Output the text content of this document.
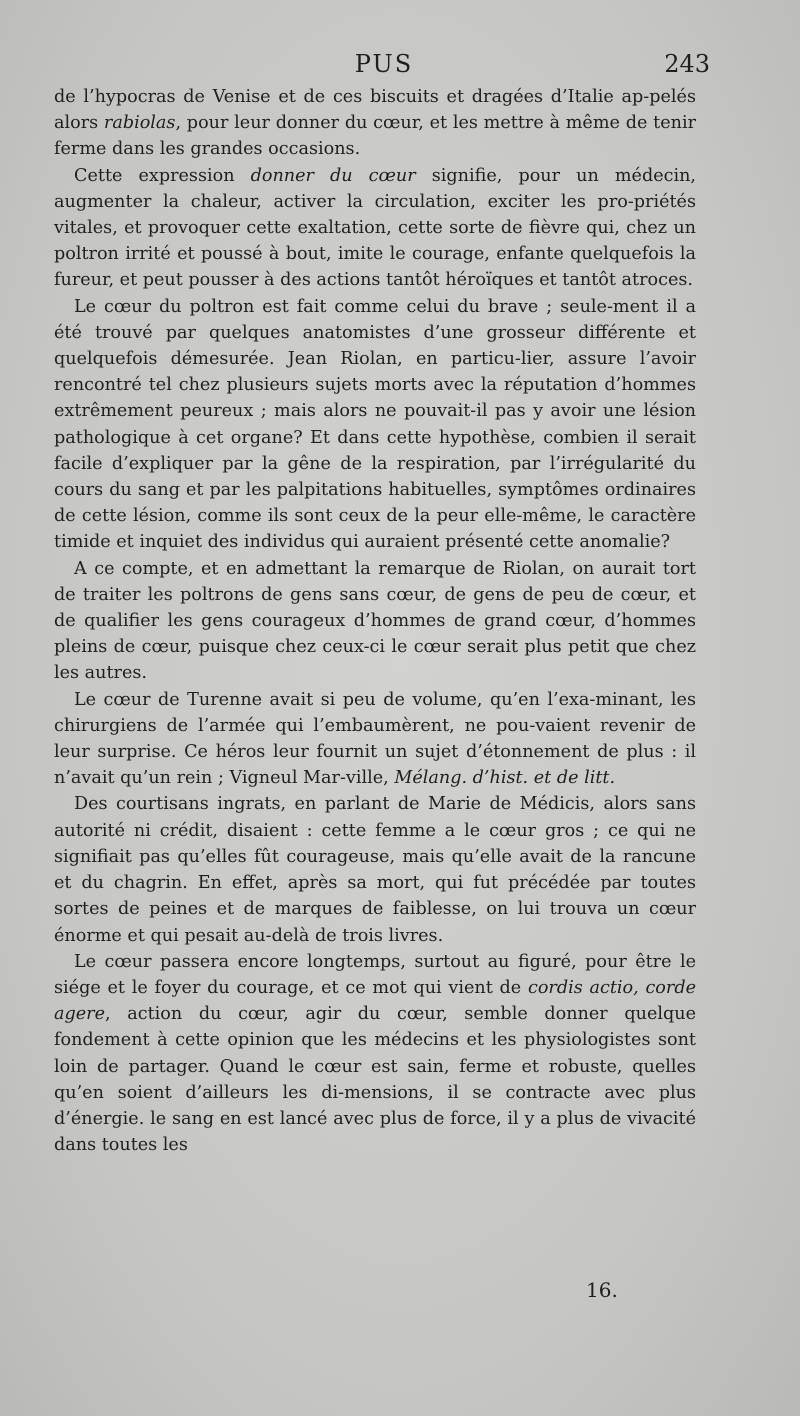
PUS	243

de l’hypocras de Venise et de ces biscuits et dragées d’Italie ap-pelés alors rabiolas, pour leur donner du cœur, et les mettre à même de tenir ferme dans les grandes occasions.

Cette expression donner du cœur signifie, pour un médecin, augmenter la chaleur, activer la circulation, exciter les pro-priétés vitales, et provoquer cette exaltation, cette sorte de fièvre qui, chez un poltron irrité et poussé à bout, imite le courage, enfante quelquefois la fureur, et peut pousser à des actions tantôt héroïques et tantôt atroces.

Le cœur du poltron est fait comme celui du brave ; seule-ment il a été trouvé par quelques anatomistes d’une grosseur différente et quelquefois démesurée. Jean Riolan, en particu-lier, assure l’avoir rencontré tel chez plusieurs sujets morts avec la réputation d’hommes extrêmement peureux ; mais alors ne pouvait-il pas y avoir une lésion pathologique à cet organe? Et dans cette hypothèse, combien il serait facile d’expliquer par la gêne de la respiration, par l’irrégularité du cours du sang et par les palpitations habituelles, symptômes ordinaires de cette lésion, comme ils sont ceux de la peur elle-même, le caractère timide et inquiet des individus qui auraient présenté cette anomalie?

A ce compte, et en admettant la remarque de Riolan, on aurait tort de traiter les poltrons de gens sans cœur, de gens de peu de cœur, et de qualifier les gens courageux d’hommes de grand cœur, d’hommes pleins de cœur, puisque chez ceux-ci le cœur serait plus petit que chez les autres.

Le cœur de Turenne avait si peu de volume, qu’en l’exa-minant, les chirurgiens de l’armée qui l’embaumèrent, ne pou-vaient revenir de leur surprise. Ce héros leur fournit un sujet d’étonnement de plus : il n’avait qu’un rein ; Vigneul Mar-ville, Mélang. d’hist. et de litt.

Des courtisans ingrats, en parlant de Marie de Médicis, alors sans autorité ni crédit, disaient : cette femme a le cœur gros ; ce qui ne signifiait pas qu’elles fût courageuse, mais qu’elle avait de la rancune et du chagrin. En effet, après sa mort, qui fut précédée par toutes sortes de peines et de marques de faiblesse, on lui trouva un cœur énorme et qui pesait au-delà de trois livres.

Le cœur passera encore longtemps, surtout au figuré, pour être le siége et le foyer du courage, et ce mot qui vient de cordis actio, corde agere, action du cœur, agir du cœur, semble donner quelque fondement à cette opinion que les médecins et les physiologistes sont loin de partager. Quand le cœur est sain, ferme et robuste, quelles qu’en soient d’ailleurs les di-mensions, il se contracte avec plus d’énergie. le sang en est lancé avec plus de force, il y a plus de vivacité dans toutes les

16.
